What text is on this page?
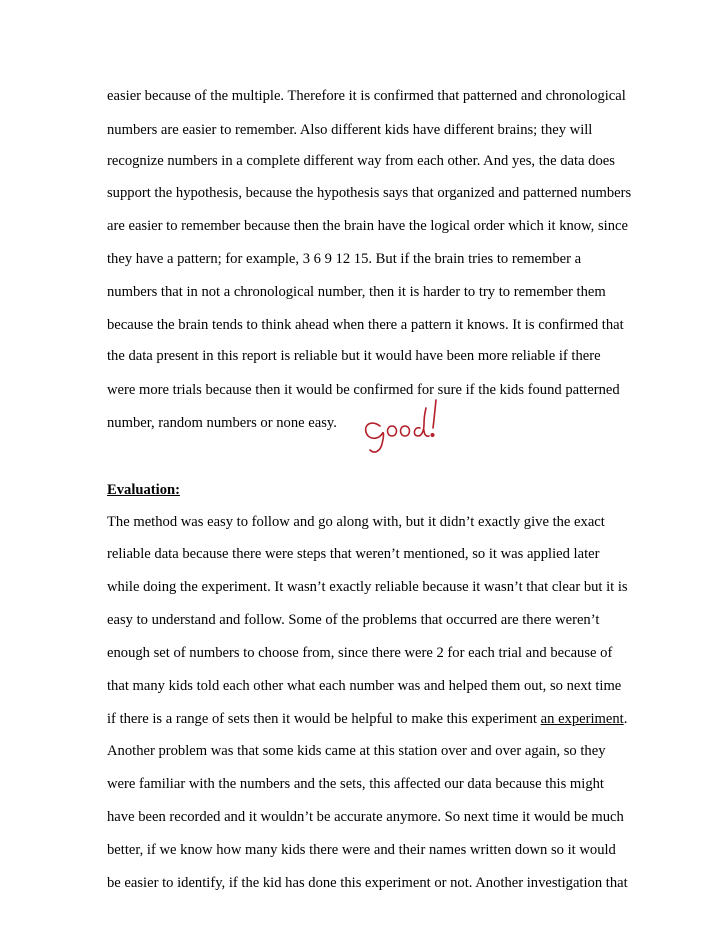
easier because of the multiple. Therefore it is confirmed that patterned and chronological
numbers are easier to remember. Also different kids have different brains; they will
recognize numbers in a complete different way from each other. And yes, the data does
support the hypothesis, because the hypothesis says that organized and patterned numbers
are easier to remember because then the brain have the logical order which it know, since
they have a pattern; for example, 3 6 9 12 15. But if the brain tries to remember a
numbers that in not a chronological number, then it is harder to try to remember them
because the brain tends to think ahead when there a pattern it knows. It is confirmed that
the data present in this report is reliable but it would have been more reliable if there
were more trials because then it would be confirmed for sure if the kids found patterned
number, random numbers or none easy.
Evaluation:
The method was easy to follow and go along with, but it didn’t exactly give the exact
reliable data because there were steps that weren’t mentioned, so it was applied later
while doing the experiment. It wasn’t exactly reliable because it wasn’t that clear but it is
easy to understand and follow. Some of the problems that occurred are there weren’t
enough set of numbers to choose from, since there were 2 for each trial and because of
that many kids told each other what each number was and helped them out, so next time
if there is a range of sets then it would be helpful to make this experiment an experiment.
Another problem was that some kids came at this station over and over again, so they
were familiar with the numbers and the sets, this affected our data because this might
have been recorded and it wouldn’t be accurate anymore. So next time it would be much
better, if we know how many kids there were and their names written down so it would
be easier to identify, if the kid has done this experiment or not. Another investigation that
